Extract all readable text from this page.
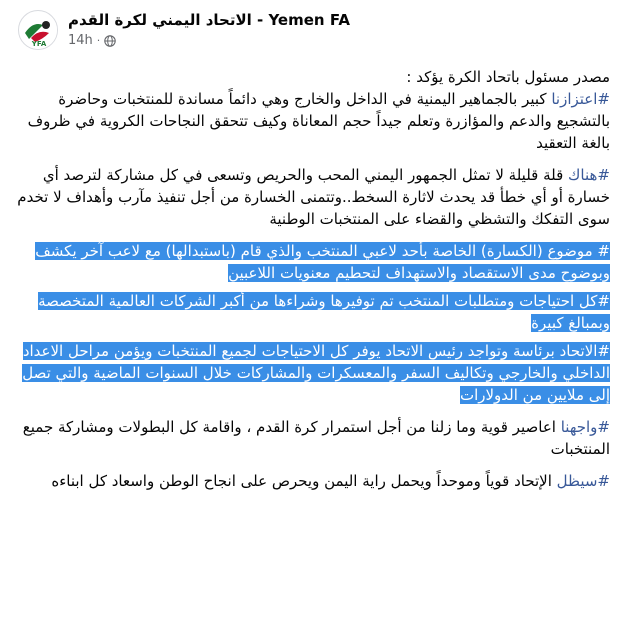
YFA
الاتحاد اليمني لكرة القدم - Yemen FA
14h ·
مصدر مسئول باتحاد الكرة يؤكد :
#اعتزازنا كبير بالجماهير اليمنية في الداخل والخارج وهي دائماً مساندة للمنتخبات وحاضرة بالتشجيع والدعم والمؤازرة وتعلم جيداً حجم المعاناة وكيف تتحقق النجاحات الكروية في ظروف بالغة التعقيد
#هناك قلة قليلة لا تمثل الجمهور اليمني المحب والحريص وتسعى في كل مشاركة لترصد أي خسارة أو أي خطأ قد يحدث لاثارة السخط..وتتمنى الخسارة من أجل تنفيذ مآرب وأهداف لا تخدم سوى التفكك والتشظي والقضاء على المنتخبات الوطنية
# موضوع (الكسارة) الخاصة بأحد لاعبي المنتخب والذي قام (باستبدالها) مع لاعب آخر يكشف وبوضوح مدى الاستقصاد والاستهداف لتحطيم معنويات اللاعبين
#كل احتياجات ومتطلبات المنتخب تم توفيرها وشراءها من أكبر الشركات العالمية المتخصصة وبمبالغ كبيرة
#الاتحاد برئاسة وتواجد رئيس الاتحاد يوفر كل الاحتياجات لجميع المنتخبات ويؤمن مراحل الاعداد الداخلي والخارجي وتكاليف السفر والمعسكرات والمشاركات خلال السنوات الماضية والتي تصل إلى ملايين من الدولارات
#واجهنا اعاصير قوية وما زلنا من أجل استمرار كرة القدم ، واقامة كل البطولات ومشاركة جميع المنتخبات
#سيظل الإتحاد قوياً وموحداً ويحمل راية اليمن ويحرص على انجاح الوطن واسعاد كل ابناءه
